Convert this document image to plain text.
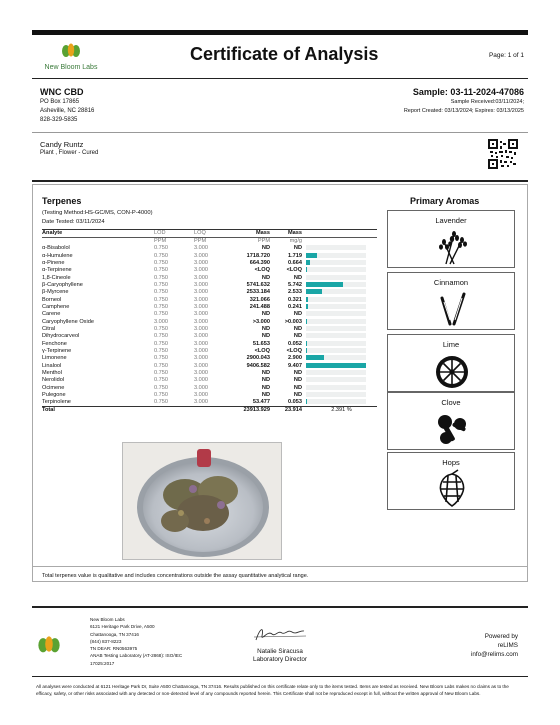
New Bloom Labs
Certificate of Analysis	Page: 1 of 1
WNC CBD
PO Box 17865
Asheville, NC 28816
828-329-5835
Sample: 03-11-2024-47086
Sample Received:03/11/2024;
Report Created: 03/13/2024; Expires: 03/13/2025
Candy Runtz
Plant , Flower - Cured
Terpenes
(Testing Method:HS-GC/MS, CON-P-4000)
Date Tested: 03/11/2024
Analyte	LOD	LOQ	Mass	Mass		
	PPM	PPM	PPM	mg/g		
α-Bisabolol	0.750	3.000	ND	ND		
α-Humulene	0.750	3.000	1718.720	1.719	

α-Pinene	0.750	3.000	664.390	0.664	

α-Terpinene	0.750	3.000	<LOQ	<LOQ	

1,8-Cineole	0.750	3.000	ND	ND		
β-Caryophyllene	0.750	3.000	5741.632	5.742	

β-Myrcene	0.750	3.000	2533.184	2.533	

Borneol	0.750	3.000	321.066	0.321	

Camphene	0.750	3.000	241.488	0.241	

Carene	0.750	3.000	ND	ND		
Caryophyllene Oxide	3.000	3.000	>3.000	>0.003	

Citral	0.750	3.000	ND	ND		
Dihydrocarveol	0.750	3.000	ND	ND		
Fenchone	0.750	3.000	51.653	0.052	

γ-Terpinene	0.750	3.000	<LOQ	<LOQ	

Limonene	0.750	3.000	2900.043	2.900	

Linalool	0.750	3.000	9406.582	9.407	

Menthol	0.750	3.000	ND	ND		
Nerolidol	0.750	3.000	ND	ND		
Ocimene	0.750	3.000	ND	ND		
Pulegone	0.750	3.000	ND	ND		
Terpinolene	0.750	3.000	53.477	0.053	

Total			23913.929	23.914	2.391 %	
Primary Aromas
Lavender
Cinnamon
Lime
Clove
Hops
Total terpenes value is qualitative and includes concentrations outside the assay quantitative analytical range.
New Bloom Labs
6121 Heritage Park Drive, A500
Chattanooga, TN 37416
(844) 837-8223
TN DEAR: RN0563975
ANAB Testing Laboratory (AT-2868): ISO/IEC
17025:2017
Natalie Siracusa
Laboratory Director
Powered by
reLIMS
info@relims.com
All analyses were conducted at 6121 Heritage Park Dr, Suite A500 Chattanooga, TN 37416. Results published on this certificate relate only to the items tested. Items are tested as received. New Bloom Labs makes no claims as to the efficacy, safety, or other risks associated with any detected or non-detected level of any compounds reported herein. This Certificate shall not be reproduced except in full, without the written approval of New Bloom Labs.
